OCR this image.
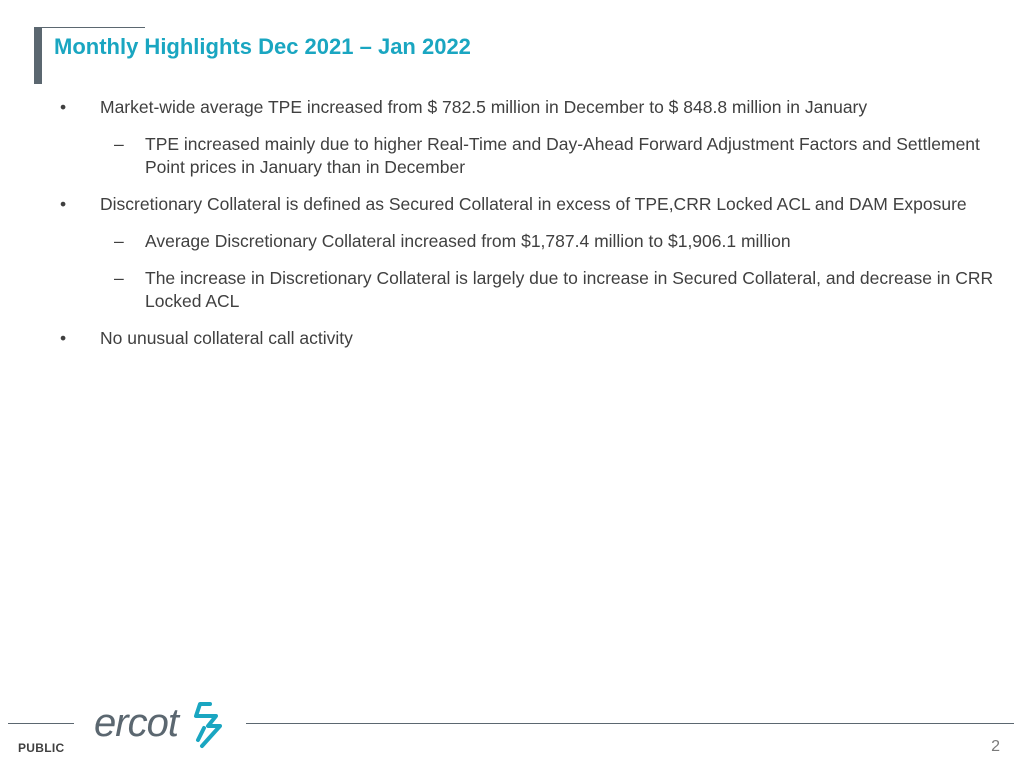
Monthly Highlights Dec 2021 – Jan 2022
•	Market-wide average TPE increased from $ 782.5 million in December to $ 848.8 million in January
– TPE increased mainly due to higher Real-Time and Day-Ahead Forward Adjustment Factors and Settlement Point prices in January than in December
•	Discretionary Collateral is defined as Secured Collateral in excess of TPE,CRR Locked ACL and DAM Exposure
– Average Discretionary Collateral increased from $1,787.4 million to $1,906.1 million
– The increase in Discretionary Collateral is largely due to increase in Secured Collateral, and decrease in CRR Locked ACL
•	No unusual collateral call activity
ercot
PUBLIC	2
